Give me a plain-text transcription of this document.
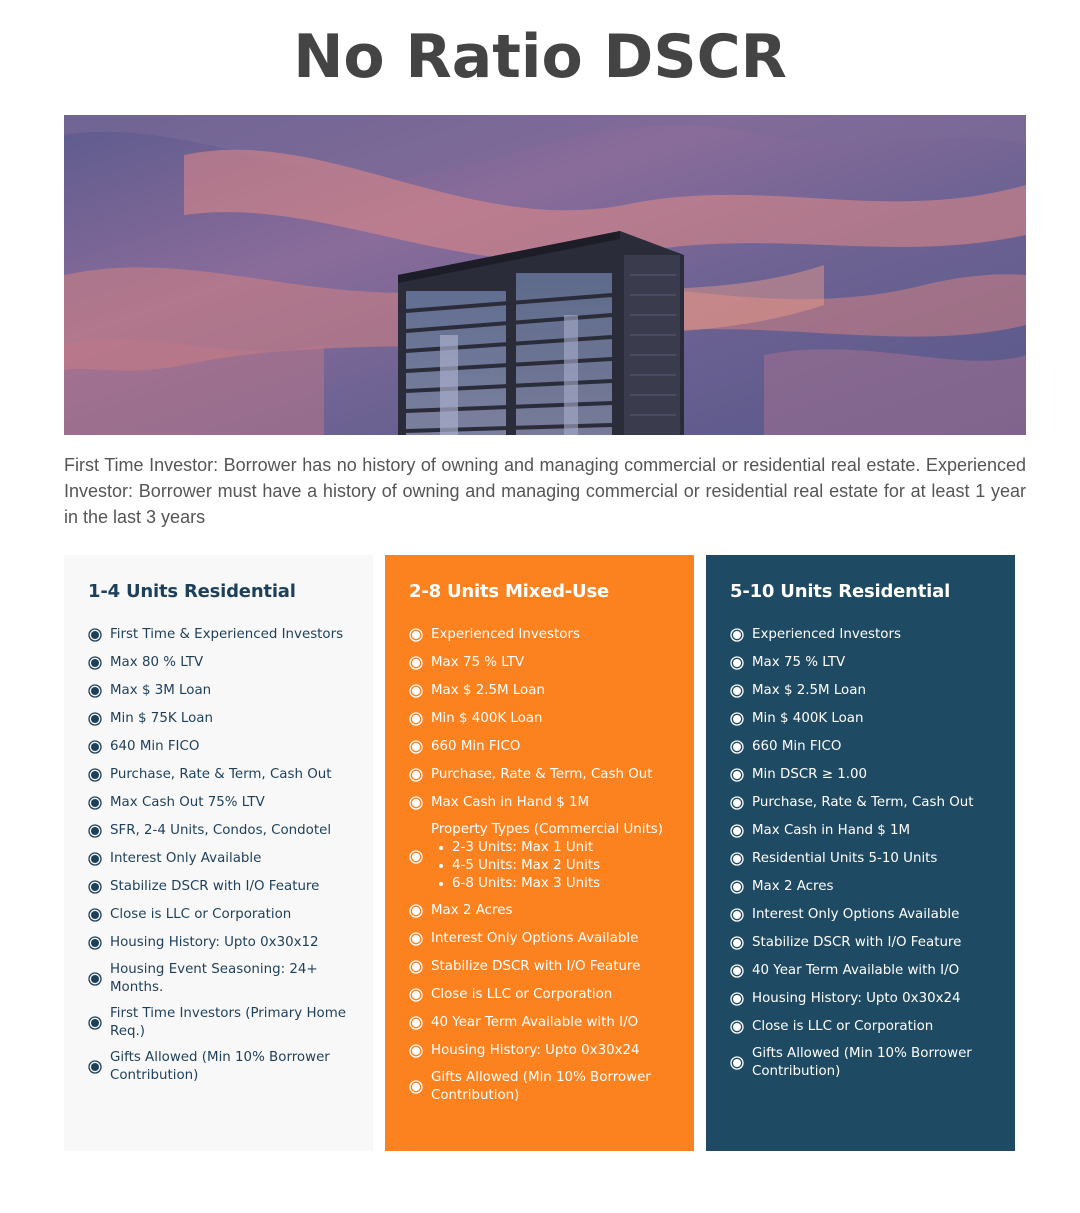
No Ratio DSCR

First Time Investor: Borrower has no history of owning and managing commercial or residential real estate. Experienced Investor: Borrower must have a history of owning and managing commercial or residential real estate for at least 1 year in the last 3 years

1-4 Units Residential
First Time & Experienced Investors
Max 80 % LTV
Max $ 3M Loan
Min $ 75K Loan
640 Min FICO
Purchase, Rate & Term, Cash Out
Max Cash Out 75% LTV
SFR, 2-4 Units, Condos, Condotel
Interest Only Available
Stabilize DSCR with I/O Feature
Close is LLC or Corporation
Housing History: Upto 0x30x12
Housing Event Seasoning: 24+ Months.
First Time Investors (Primary Home Req.)
Gifts Allowed (Min 10% Borrower Contribution)
2-8 Units Mixed-Use
Experienced Investors
Max 75 % LTV
Max $ 2.5M Loan
Min $ 400K Loan
660 Min FICO
Purchase, Rate & Term, Cash Out
Max Cash in Hand $ 1M
Property Types (Commercial Units)
2-3 Units: Max 1 Unit
4-5 Units: Max 2 Units
6-8 Units: Max 3 Units
Max 2 Acres
Interest Only Options Available
Stabilize DSCR with I/O Feature
Close is LLC or Corporation
40 Year Term Available with I/O
Housing History: Upto 0x30x24
Gifts Allowed (Min 10% Borrower Contribution)
5-10 Units Residential
Experienced Investors
Max 75 % LTV
Max $ 2.5M Loan
Min $ 400K Loan
660 Min FICO
Min DSCR ≥ 1.00
Purchase, Rate & Term, Cash Out
Max Cash in Hand $ 1M
Residential Units 5-10 Units
Max 2 Acres
Interest Only Options Available
Stabilize DSCR with I/O Feature
40 Year Term Available with I/O
Housing History: Upto 0x30x24
Close is LLC or Corporation
Gifts Allowed (Min 10% Borrower Contribution)
